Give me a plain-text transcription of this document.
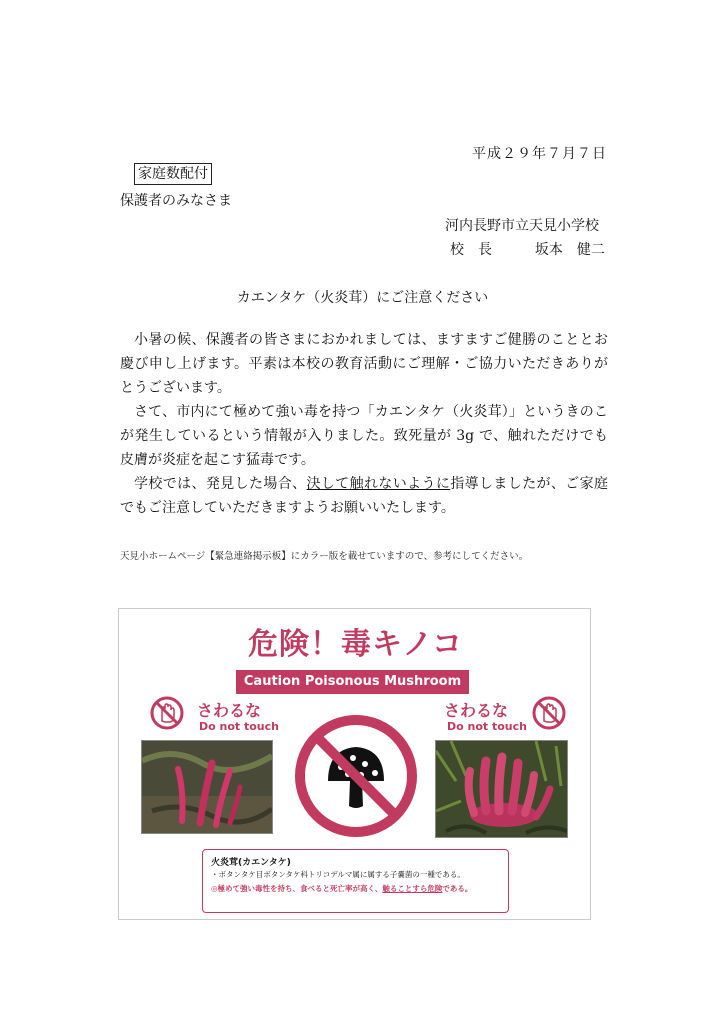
平成２９年７月７日
家庭数配付
保護者のみなさま
河内長野市立天見小学校
校　長	坂本　健二
カエンタケ（火炎茸）にご注意ください

小暑の候、保護者の皆さまにおかれましては、ますますご健勝のこととお慶び申し上げます。平素は本校の教育活動にご理解・ご協力いただきありがとうございます。

さて、市内にて極めて強い毒を持つ「カエンタケ（火炎茸）」というきのこが発生しているという情報が入りました。致死量が 3g で、触れただけでも皮膚が炎症を起こす猛毒です。

学校では、発見した場合、決して触れないように指導しましたが、ご家庭でもご注意していただきますようお願いいたします。

天見小ホームページ【緊急連絡掲示板】にカラー版を載せていますので、参考にしてください。
危険！毒キノコ
Caution Poisonous Mushroom
さわるな
Do not touch
さわるな
Do not touch
火炎茸(カエンタケ)
・ボタンタケ目ボタンタケ科トリコデルマ属に属する子嚢菌の一種である。
◎極めて強い毒性を持ち、食べると死亡率が高く、触ることすら危険である。
